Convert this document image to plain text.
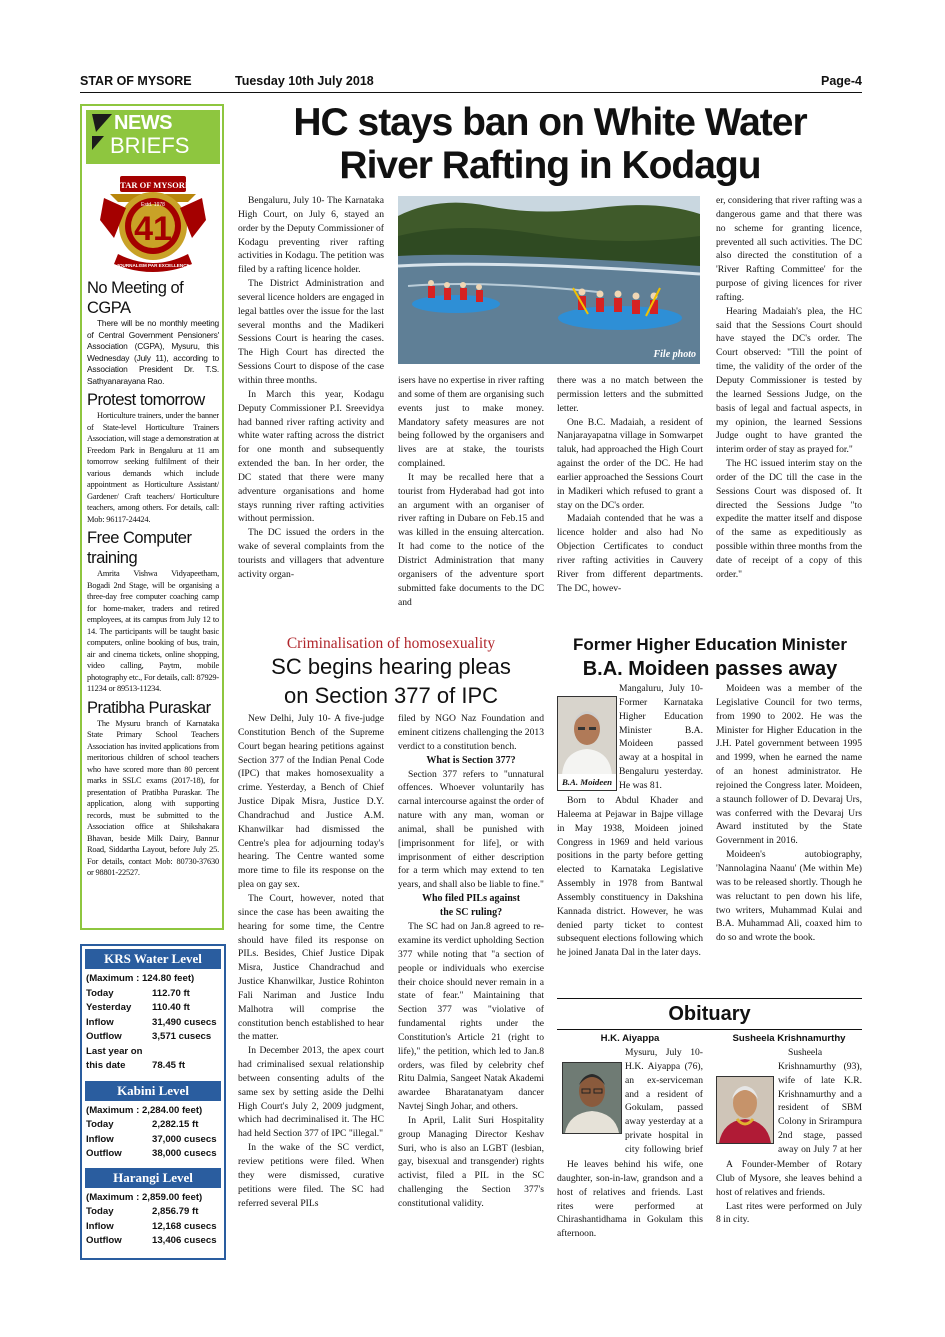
STAR OF MYSORE	Tuesday 10th July 2018	Page-4
HC stays ban on White Water
River Rafting in Kodagu
NEWS
BRIEFS
STAR OF MYSORE
Estd. 1978
41
JOURNALISM PAR EXCELLENCE
No Meeting of CGPA

There will be no monthly meeting of Central Government Pensioners' Association (CGPA), Mysuru, this Wednesday (July 11), according to Association President Dr. T.S. Sathyanarayana Rao.

Protest tomorrow

Horticulture trainers, under the banner of State-level Horticulture Trainers Association, will stage a demonstration at Freedom Park in Bengaluru at 11 am tomorrow seeking fulfilment of their various demands which include appointment as Horticulture Assistant/ Gardener/ Craft teachers/ Horticulture teachers, among others. For details, call: Mob: 96117-24424.

Free Computer training

Amrita Vishwa Vidyapeetham, Bogadi 2nd Stage, will be organising a three-day free computer coaching camp for home-maker, traders and retired employees, at its campus from July 12 to 14. The participants will be taught basic computers, online booking of bus, train, air and cinema tickets, online shopping, video calling, Paytm, mobile photography etc., For details, call: 87929-11234 or 89513-11234.

Pratibha Puraskar

The Mysuru branch of Karnataka State Primary School Teachers Association has invited applications from meritorious children of school teachers who have scored more than 80 percent marks in SSLC exams (2017-18), for presentation of Pratibha Puraskar. The application, along with supporting records, must be submitted to the Association office at Shikshakara Bhavan, beside Milk Dairy, Bannur Road, Siddartha Layout, before July 25. For details, contact Mob: 80730-37630 or 98801-22527.

KRS Water Level
(Maximum : 124.80 feet)	
Today	112.70 ft
Yesterday	110.40 ft
Inflow	31,490 cusecs
Outflow	3,571 cusecs
Last year on	
this date	78.45 ft
Kabini Level
(Maximum : 2,284.00 feet)	
Today	2,282.15 ft
Inflow	37,000 cusecs
Outflow	38,000 cusecs
Harangi Level
(Maximum : 2,859.00 feet)	
Today	2,856.79 ft
Inflow	12,168 cusecs
Outflow	13,406 cusecs

Bengaluru, July 10- The Karnataka High Court, on July 6, stayed an order by the Deputy Commissioner of Kodagu preventing river rafting activities in Kodagu. The petition was filed by a rafting licence holder.

The District Administration and several licence holders are engaged in legal battles over the issue for the last several months and the Madikeri Sessions Court is hearing the cases. The High Court has directed the Sessions Court to dispose of the case within three months.

In March this year, Kodagu Deputy Commissioner P.I. Sreevidya had banned river rafting activity and white water rafting across the district for one month and subsequently extended the ban. In her order, the DC stated that there were many adventure organisations and home stays running river rafting activities without permission.

The DC issued the orders in the wake of several complaints from the tourists and villagers that adventure activity organ-

File photo

isers have no expertise in river rafting and some of them are organising such events just to make money. Mandatory safety measures are not being followed by the organisers and lives are at stake, the tourists complained.

It may be recalled here that a tourist from Hyderabad had got into an argument with an organiser of river rafting in Dubare on Feb.15 and was killed in the ensuing altercation. It had come to the notice of the District Administration that many organisers of the adventure sport submitted fake documents to the DC and

there was a no match between the permission letters and the submitted letter.

One B.C. Madaiah, a resident of Nanjarayapatna village in Somwarpet taluk, had approached the High Court against the order of the DC. He had earlier approached the Sessions Court in Madikeri which refused to grant a stay on the DC's order.

Madaiah contended that he was a licence holder and also had No Objection Certificates to conduct river rafting activities in Cauvery River from different departments. The DC, howev-

er, considering that river rafting was a dangerous game and that there was no scheme for granting licence, prevented all such activities. The DC also directed the constitution of a 'River Rafting Committee' for the purpose of giving licences for river rafting.

Hearing Madaiah's plea, the HC said that the Sessions Court should have stayed the DC's order. The Court observed: "Till the point of time, the validity of the order of the Deputy Commissioner is tested by the learned Sessions Judge, on the basis of legal and factual aspects, in my opinion, the learned Sessions Judge ought to have granted the interim order of stay as prayed for."

The HC issued interim stay on the order of the DC till the case in the Sessions Court was disposed of. It directed the Sessions Judge "to expedite the matter itself and dispose of the same as expeditiously as possible within three months from the date of receipt of a copy of this order."

Criminalisation of homosexuality
SC begins hearing pleas
on Section 377 of IPC

New Delhi, July 10- A five-judge Constitution Bench of the Supreme Court began hearing petitions against Section 377 of the Indian Penal Code (IPC) that makes homosexuality a crime. Yesterday, a Bench of Chief Justice Dipak Misra, Justice D.Y. Chandrachud and Justice A.M. Khanwilkar had dismissed the Centre's plea for adjourning today's hearing. The Centre wanted some more time to file its response on the plea on gay sex.

The Court, however, noted that since the case has been awaiting the hearing for some time, the Centre should have filed its response on PILs. Besides, Chief Justice Dipak Misra, Justice Chandrachud and Justice Khanwilkar, Justice Rohinton Fali Nariman and Justice Indu Malhotra will comprise the constitution bench established to hear the matter.

In December 2013, the apex court had criminalised sexual relationship between consenting adults of the same sex by setting aside the Delhi High Court's July 2, 2009 judgment, which had decriminalised it. The HC had held Section 377 of IPC "illegal."

In the wake of the SC verdict, review petitions were filed. When they were dismissed, curative petitions were filed. The SC had referred several PILs

filed by NGO Naz Foundation and eminent citizens challenging the 2013 verdict to a constitution bench.

What is Section 377?

Section 377 refers to "unnatural offences. Whoever voluntarily has carnal intercourse against the order of nature with any man, woman or animal, shall be punished with [imprisonment for life], or with imprisonment of either description for a term which may extend to ten years, and shall also be liable to fine."

Who filed PILs against
the SC ruling?

The SC had on Jan.8 agreed to re-examine its verdict upholding Section 377 while noting that "a section of people or individuals who exercise their choice should never remain in a state of fear." Maintaining that Section 377 was "violative of fundamental rights under the Constitution's Article 21 (right to life)," the petition, which led to Jan.8 orders, was filed by celebrity chef Ritu Dalmia, Sangeet Natak Akademi awardee Bharatanatyam dancer Navtej Singh Johar, and others.

In April, Lalit Suri Hospitality group Managing Director Keshav Suri, who is also an LGBT (lesbian, gay, bisexual and transgender) rights activist, filed a PIL in the SC challenging the Section 377's constitutional validity.

Former Higher Education Minister
B.A. Moideen passes away
B.A. Moideen

Mangaluru, July 10- Former Karnataka Higher Education Minister B.A. Moideen passed away at a hospital in Bengaluru yesterday. He was 81.

Born to Abdul Khader and Haleema at Pejawar in Bajpe village in May 1938, Moideen joined Congress in 1969 and held various positions in the party before getting elected to Karnataka Legislative Assembly in 1978 from Bantwal Assembly constituency in Dakshina Kannada district. However, he was denied party ticket to contest subsequent elections following which he joined Janata Dal in the later days.

Moideen was a member of the Legislative Council for two terms, from 1990 to 2002. He was the Minister for Higher Education in the J.H. Patel government between 1995 and 1999, when he earned the name of an honest administrator. He rejoined the Congress later. Moideen, a staunch follower of D. Devaraj Urs, was conferred with the Devaraj Urs Award instituted by the State Government in 2016.

Moideen's autobiography, 'Nannolagina Naanu' (Me within Me) was to be released shortly. Though he was reluctant to pen down his life, two writers, Muhammad Kulai and B.A. Muhammad Ali, coaxed him to do so and wrote the book.

Obituary
H.K. Aiyappa

Mysuru, July 10- H.K. Aiyappa (76), an ex-serviceman and a resident of Gokulam, passed away yesterday at a private hospital in city following brief

He leaves behind his wife, one daughter, son-in-law, grandson and a host of relatives and friends. Last rites were performed at Chirashantidhama in Gokulam this afternoon.

Susheela Krishnamurthy

Susheela Krishnamurthy (93), wife of late K.R. Krishnamurthy and a resident of SBM Colony in Srirampura 2nd stage, passed away on July 7 at her

A Founder-Member of Rotary Club of Mysore, she leaves behind a host of relatives and friends.

Last rites were performed on July 8 in city.
